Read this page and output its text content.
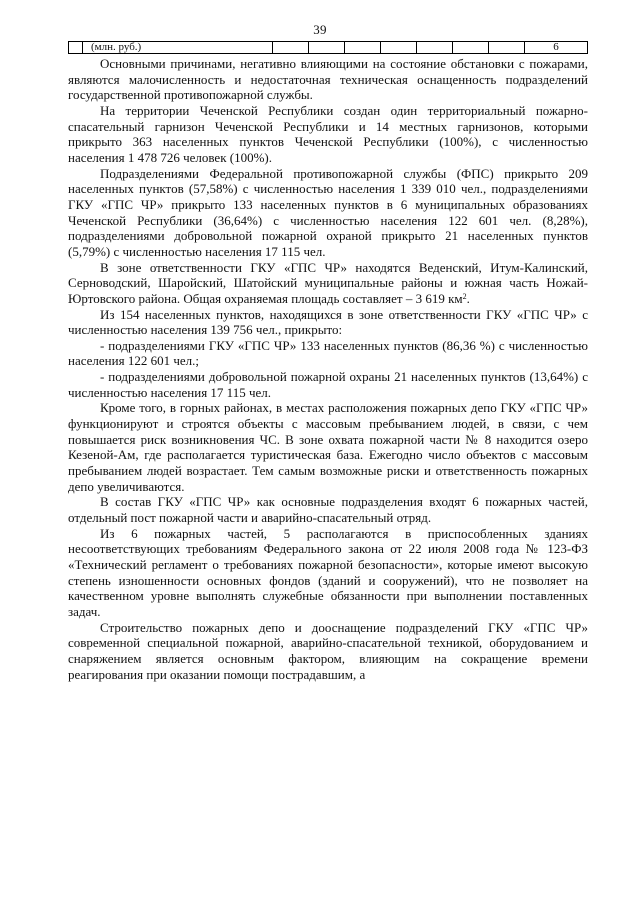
39
(млн. руб.)	6

Основными причинами, негативно влияющими на состояние обстановки с пожарами, являются малочисленность и недостаточная техническая оснащенность подразделений государственной противопожарной службы.

На территории Чеченской Республики создан один территориальный пожарно-спасательный гарнизон Чеченской Республики и 14 местных гарнизонов, которыми прикрыто 363 населенных пунктов Чеченской Республики (100%), с численностью населения 1 478 726 человек (100%).

Подразделениями Федеральной противопожарной службы (ФПС) прикрыто 209 населенных пунктов (57,58%) с численностью населения 1 339 010 чел., подразделениями ГКУ «ГПС ЧР» прикрыто 133 населенных пунктов в 6 муниципальных образованиях Чеченской Республики (36,64%) с численностью населения 122 601 чел. (8,28%), подразделениями добровольной пожарной охраной прикрыто 21 населенных пунктов (5,79%) с численностью населения 17 115 чел.

В зоне ответственности ГКУ «ГПС ЧР» находятся Веденский, Итум-Калинский, Серноводский, Шаройский, Шатойский муниципальные районы и южная часть Ножай-Юртовского района. Общая охраняемая площадь составляет – 3 619 $км^2$.

Из 154 населенных пунктов, находящихся в зоне ответственности ГКУ «ГПС ЧР» с численностью населения 139 756 чел., прикрыто:

- подразделениями ГКУ «ГПС ЧР» 133 населенных пунктов (86,36 %) с численностью населения 122 601 чел.;

- подразделениями добровольной пожарной охраны 21 населенных пунктов (13,64%) с численностью населения 17 115 чел.

Кроме того, в горных районах, в местах расположения пожарных депо ГКУ «ГПС ЧР» функционируют и строятся объекты с массовым пребыванием людей, в связи, с чем повышается риск возникновения ЧС. В зоне охвата пожарной части № 8 находится озеро Кезеной-Ам, где располагается туристическая база. Ежегодно число объектов с массовым пребыванием людей возрастает. Тем самым возможные риски и ответственность пожарных депо увеличиваются.

В состав ГКУ «ГПС ЧР» как основные подразделения входят 6 пожарных частей, отдельный пост пожарной части и аварийно-спасательный отряд.

Из 6 пожарных частей, 5 располагаются в приспособленных зданиях несоответствующих требованиям Федерального закона от 22 июля 2008 года № 123-ФЗ «Технический регламент о требованиях пожарной безопасности», которые имеют высокую степень изношенности основных фондов (зданий и сооружений), что не позволяет на качественном уровне выполнять служебные обязанности при выполнении поставленных задач.

Строительство пожарных депо и дооснащение подразделений ГКУ «ГПС ЧР» современной специальной пожарной, аварийно-спасательной техникой, оборудованием и снаряжением является основным фактором, влияющим на сокращение времени реагирования при оказании помощи пострадавшим, а
